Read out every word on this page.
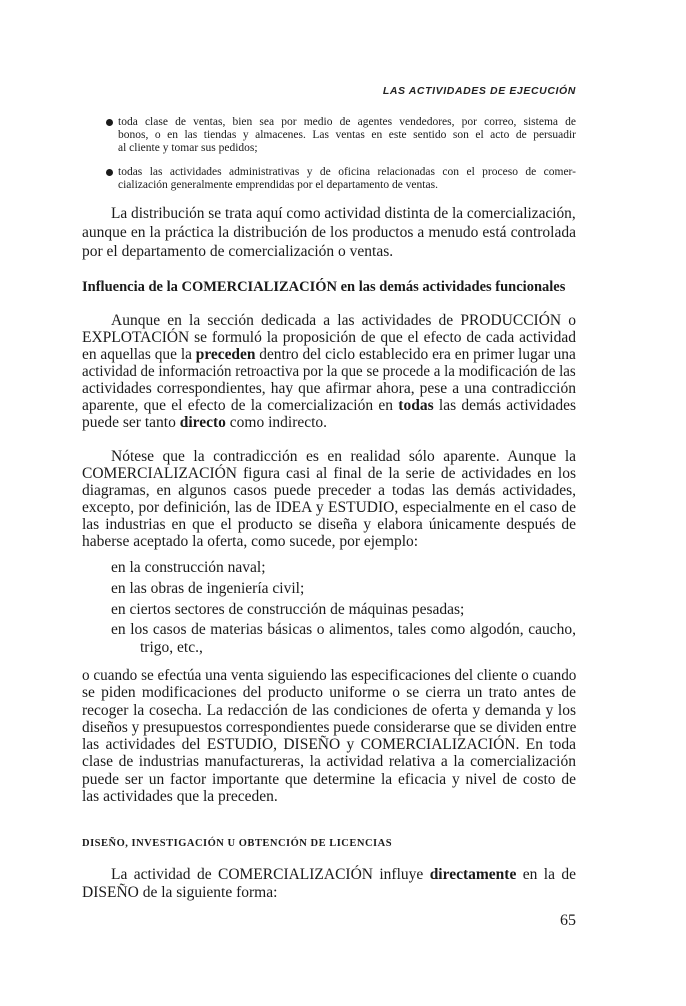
LAS ACTIVIDADES DE EJECUCIÓN
toda clase de ventas, bien sea por medio de agentes vendedores, por correo, sistema de
bonos, o en las tiendas y almacenes. Las ventas en este sentido son el acto de persuadir
al cliente y tomar sus pedidos;
todas las actividades administrativas y de oficina relacionadas con el proceso de comer-
cialización generalmente emprendidas por el departamento de ventas.
La distribución se trata aquí como actividad distinta de la comercialización,
aunque en la práctica la distribución de los productos a menudo está controlada
por el departamento de comercialización o ventas.
Influencia de la COMERCIALIZACIÓN en las demás actividades funcionales
Aunque en la sección dedicada a las actividades de PRODUCCIÓN o
EXPLOTACIÓN se formuló la proposición de que el efecto de cada actividad
en aquellas que la preceden dentro del ciclo establecido era en primer lugar una
actividad de información retroactiva por la que se procede a la modificación de las
actividades correspondientes, hay que afirmar ahora, pese a una contradicción
aparente, que el efecto de la comercialización en todas las demás actividades
puede ser tanto directo como indirecto.
Nótese que la contradicción es en realidad sólo aparente. Aunque la
COMERCIALIZACIÓN figura casi al final de la serie de actividades en los
diagramas, en algunos casos puede preceder a todas las demás actividades,
excepto, por definición, las de IDEA y ESTUDIO, especialmente en el caso de
las industrias en que el producto se diseña y elabora únicamente después de
haberse aceptado la oferta, como sucede, por ejemplo:
en la construcción naval;
en las obras de ingeniería civil;
en ciertos sectores de construcción de máquinas pesadas;
en los casos de materias básicas o alimentos, tales como algodón, caucho,
trigo, etc.,
o cuando se efectúa una venta siguiendo las especificaciones del cliente o cuando
se piden modificaciones del producto uniforme o se cierra un trato antes de
recoger la cosecha. La redacción de las condiciones de oferta y demanda y los
diseños y presupuestos correspondientes puede considerarse que se dividen entre
las actividades del ESTUDIO, DISEÑO y COMERCIALIZACIÓN. En toda
clase de industrias manufactureras, la actividad relativa a la comercialización
puede ser un factor importante que determine la eficacia y nivel de costo de
las actividades que la preceden.
DISEÑO, INVESTIGACIÓN U OBTENCIÓN DE LICENCIAS
La actividad de COMERCIALIZACIÓN influye directamente en la de
DISEÑO de la siguiente forma:
65
